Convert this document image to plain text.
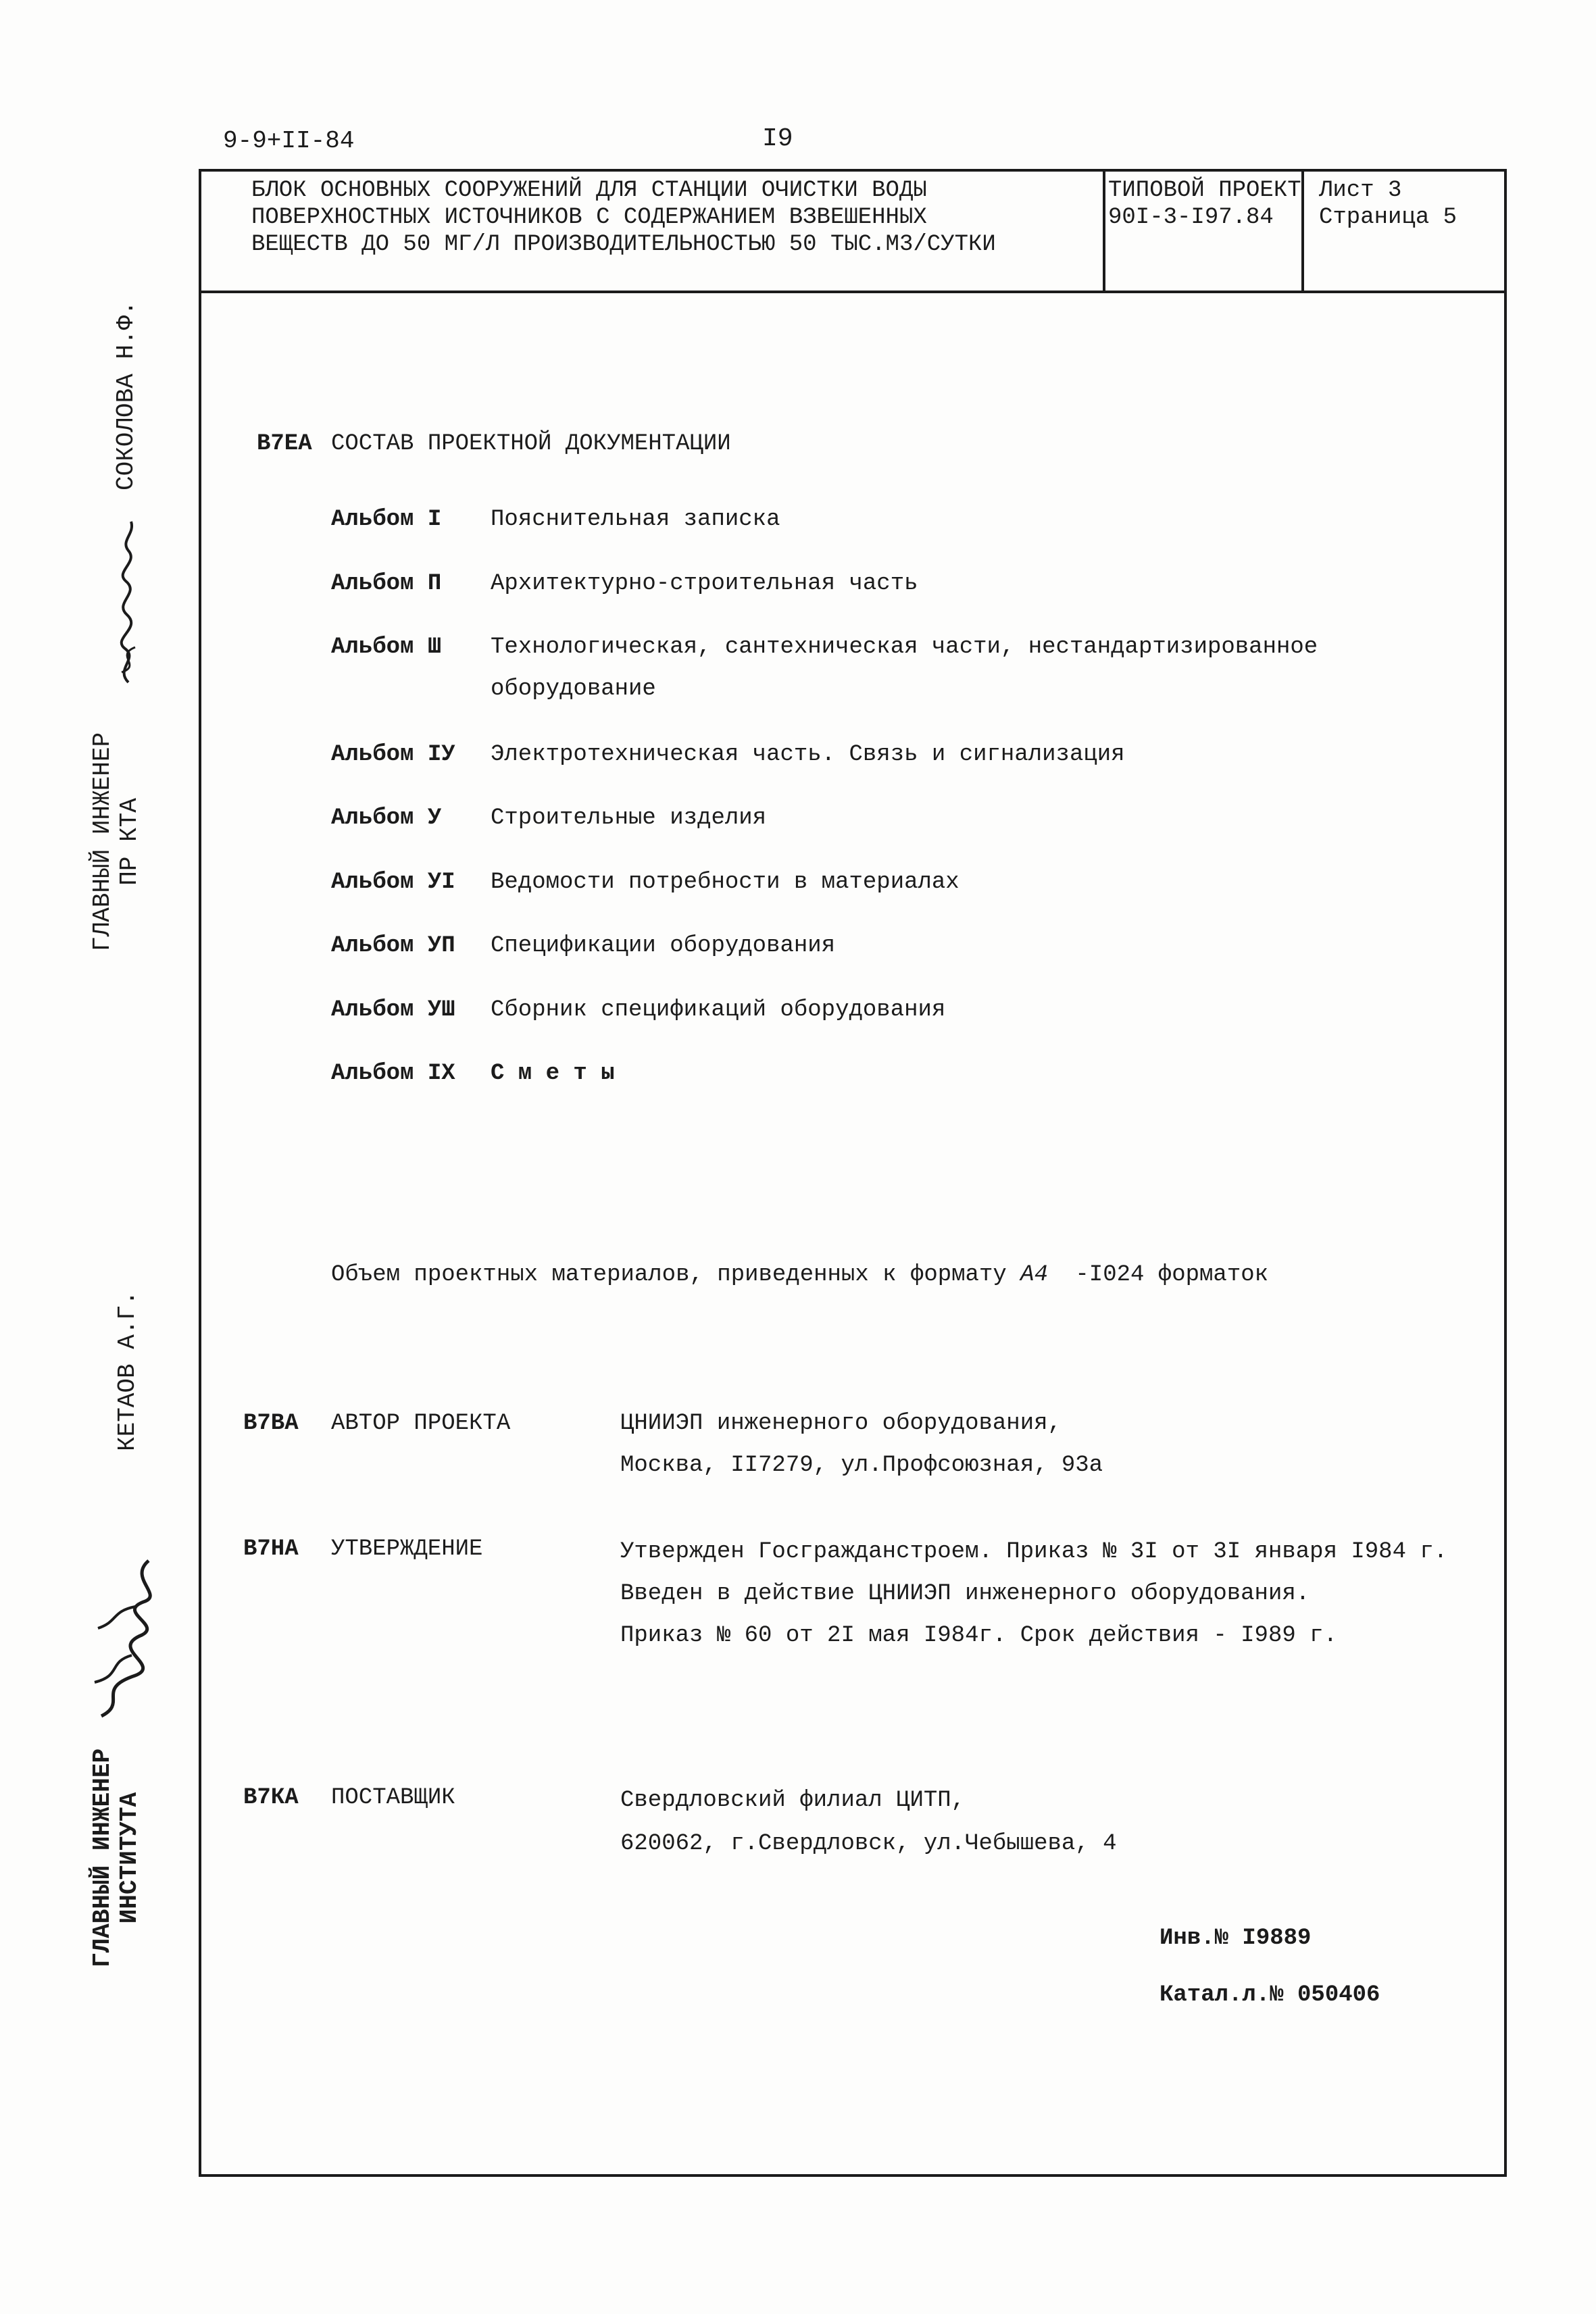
9-9+II-84	I9
БЛОК ОСНОВНЫХ СООРУЖЕНИЙ ДЛЯ СТАНЦИИ ОЧИСТКИ ВОДЫ
ПОВЕРХНОСТНЫХ ИСТОЧНИКОВ С СОДЕРЖАНИЕМ ВЗВЕШЕННЫХ
ВЕЩЕСТВ ДО 50 МГ/Л ПРОИЗВОДИТЕЛЬНОСТЬЮ 50 ТЫС.М3/СУТКИ
ТИПОВОЙ ПРОЕКТ
90I-3-I97.84
Лист 3
Страница 5
В7ЕА СОСТАВ ПРОЕКТНОЙ ДОКУМЕНТАЦИИ
Альбом I Пояснительная записка
Альбом П Архитектурно-строительная часть
Альбом Ш Технологическая, сантехническая части, нестандартизированное
оборудование
Альбом IУ Электротехническая часть. Связь и сигнализация
Альбом У Строительные изделия
Альбом УI Ведомости потребности в материалах
Альбом УП Спецификации оборудования
Альбом УШ Сборник спецификаций оборудования
Альбом IX С м е т ы
Объем проектных материалов, приведенных к формату А4 -I024 форматок
В7ВА АВТОР ПРОЕКТА	ЦНИИЭП инженерного оборудования,
Москва, II7279, ул.Профсоюзная, 93а
В7НА УТВЕРЖДЕНИЕ	Утвержден Госгражданстроем. Приказ № 3I от 3I января I984 г.
Введен в действие ЦНИИЭП инженерного оборудования.
Приказ № 60 от 2I мая I984г. Срок действия - I989 г.
В7КА ПОСТАВЩИК	Свердловский филиал ЦИТП,
620062, г.Свердловск, ул.Чебышева, 4
Инв.№ I9889
Катал.л.№ 050406
СОКОЛОВА Н.Ф.
ГЛАВНЫЙ ИНЖЕНЕР ПР КТА
КЕТАОВ А.Г.
ГЛАВНЫЙ ИНЖЕНЕР ИНСТИТУТА
